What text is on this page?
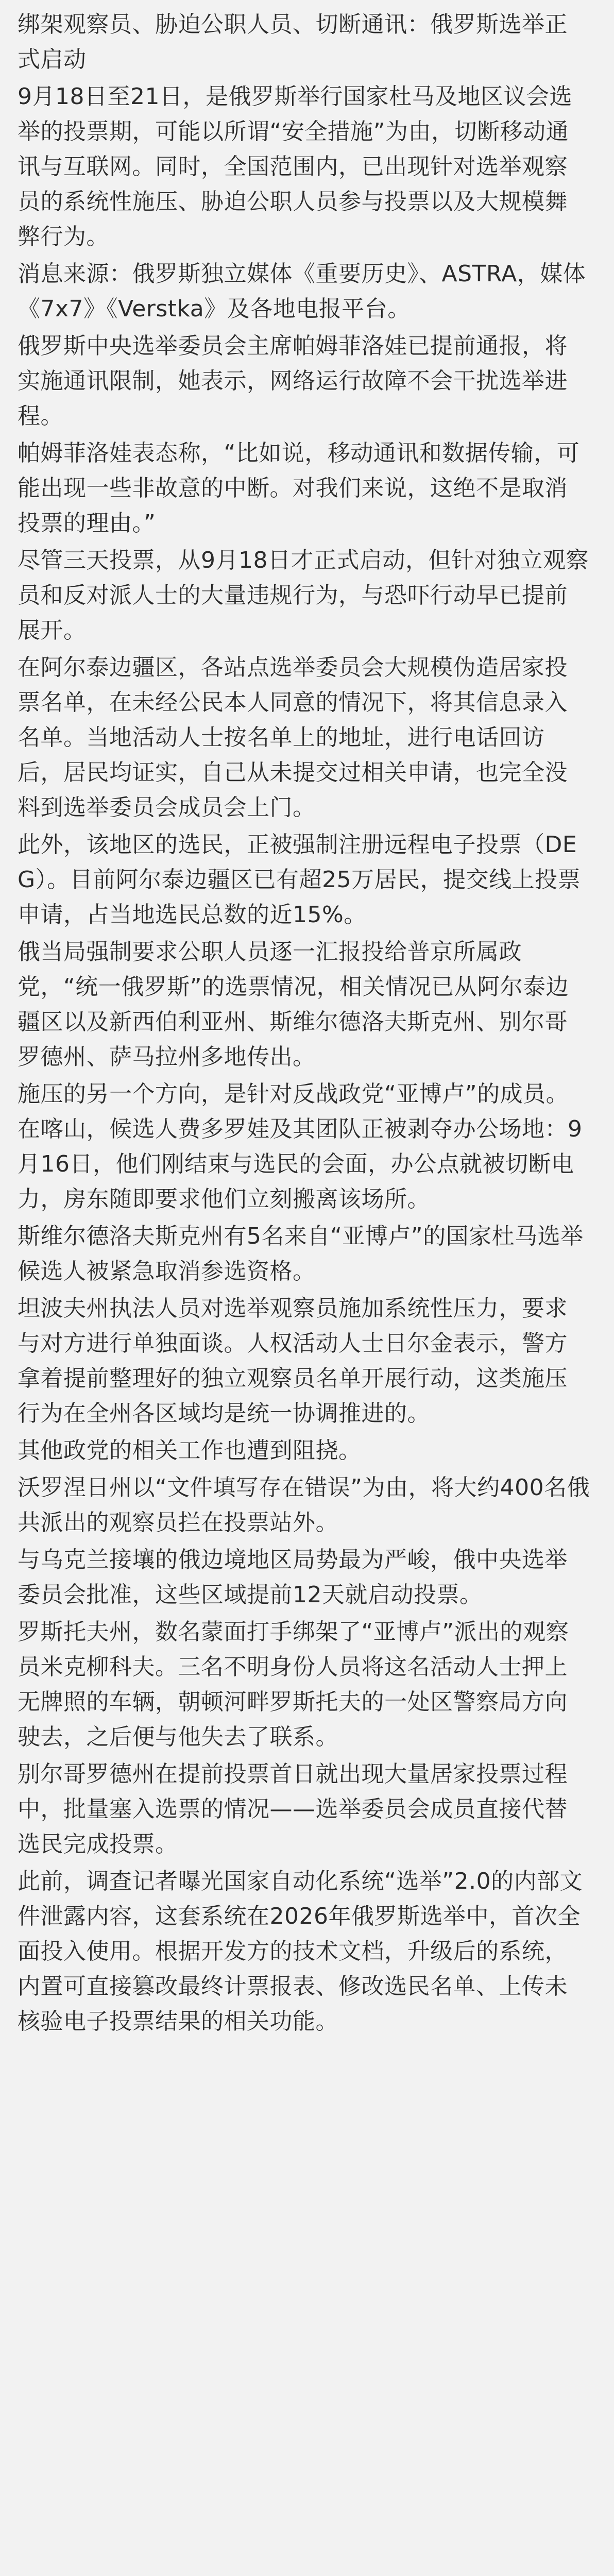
绑架观察员、胁迫公职人员、切断通讯：俄罗斯选举正式启动

9月18日至21日，是俄罗斯举行国家杜马及地区议会选举的投票期，可能以所谓“安全措施”为由，切断移动通讯与互联网。同时，全国范围内，已出现针对选举观察员的系统性施压、胁迫公职人员参与投票以及大规模舞弊行为。

消息来源：俄罗斯独立媒体《重要历史》、ASTRA，媒体《7x7》《Verstka》及各地电报平台。

俄罗斯中央选举委员会主席帕姆菲洛娃已提前通报，将实施通讯限制，她表示，网络运行故障不会干扰选举进程。

帕姆菲洛娃表态称，“比如说，移动通讯和数据传输，可能出现一些非故意的中断。对我们来说，这绝不是取消投票的理由。”

尽管三天投票，从9月18日才正式启动，但针对独立观察员和反对派人士的大量违规行为，与恐吓行动早已提前展开。

在阿尔泰边疆区，各站点选举委员会大规模伪造居家投票名单，在未经公民本人同意的情况下，将其信息录入名单。当地活动人士按名单上的地址，进行电话回访后，居民均证实，自己从未提交过相关申请，也完全没料到选举委员会成员会上门。

此外，该地区的选民，正被强制注册远程电子投票（DEG）。目前阿尔泰边疆区已有超25万居民，提交线上投票申请，占当地选民总数的近15%。

俄当局强制要求公职人员逐一汇报投给普京所属政党，“统一俄罗斯”的选票情况，相关情况已从阿尔泰边疆区以及新西伯利亚州、斯维尔德洛夫斯克州、别尔哥罗德州、萨马拉州多地传出。

施压的另一个方向，是针对反战政党“亚博卢”的成员。在喀山，候选人费多罗娃及其团队正被剥夺办公场地：9月16日，他们刚结束与选民的会面，办公点就被切断电力，房东随即要求他们立刻搬离该场所。

斯维尔德洛夫斯克州有5名来自“亚博卢”的国家杜马选举候选人被紧急取消参选资格。

坦波夫州执法人员对选举观察员施加系统性压力，要求与对方进行单独面谈。人权活动人士日尔金表示，警方拿着提前整理好的独立观察员名单开展行动，这类施压行为在全州各区域均是统一协调推进的。

其他政党的相关工作也遭到阻挠。

沃罗涅日州以“文件填写存在错误”为由，将大约400名俄共派出的观察员拦在投票站外。

与乌克兰接壤的俄边境地区局势最为严峻，俄中央选举委员会批准，这些区域提前12天就启动投票。

罗斯托夫州，数名蒙面打手绑架了“亚博卢”派出的观察员米克柳科夫。三名不明身份人员将这名活动人士押上无牌照的车辆，朝顿河畔罗斯托夫的一处区警察局方向驶去，之后便与他失去了联系。

别尔哥罗德州在提前投票首日就出现大量居家投票过程中，批量塞入选票的情况——选举委员会成员直接代替选民完成投票。

此前，调查记者曝光国家自动化系统“选举”2.0的内部文件泄露内容，这套系统在2026年俄罗斯选举中，首次全面投入使用。根据开发方的技术文档，升级后的系统，内置可直接篡改最终计票报表、修改选民名单、上传未核验电子投票结果的相关功能。
